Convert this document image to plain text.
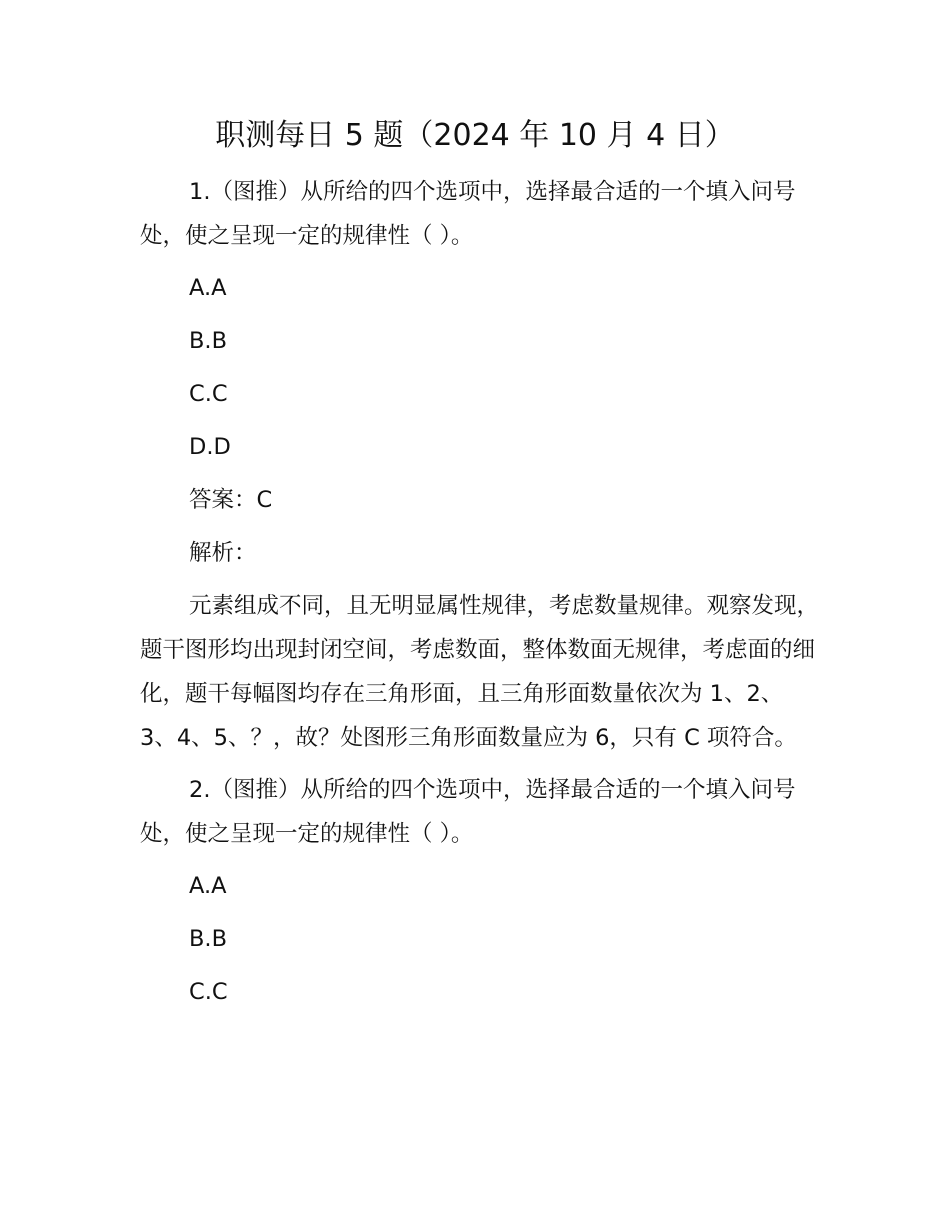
职测每日 5 题（2024 年 10 月 4 日）

1.（图推）从所给的四个选项中，选择最合适的一个填入问号处，使之呈现一定的规律性（ ）。

A.A

B.B

C.C

D.D

答案：C

解析：

元素组成不同，且无明显属性规律，考虑数量规律。观察发现，题干图形均出现封闭空间，考虑数面，整体数面无规律，考虑面的细化，题干每幅图均存在三角形面，且三角形面数量依次为 1、2、3、4、5、？，故？处图形三角形面数量应为 6，只有 C 项符合。

2.（图推）从所给的四个选项中，选择最合适的一个填入问号处，使之呈现一定的规律性（ ）。

A.A

B.B

C.C
